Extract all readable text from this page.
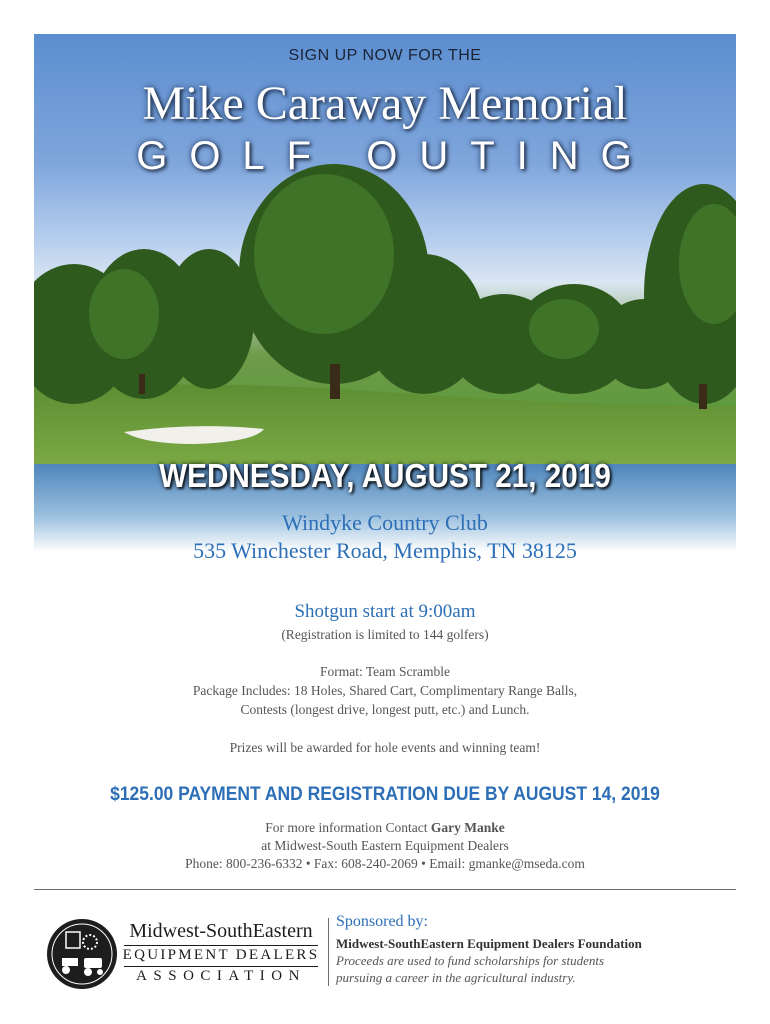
SIGN UP NOW FOR THE
Mike Caraway Memorial
GOLF OUTING
WEDNESDAY, AUGUST 21, 2019
Windyke Country Club
535 Winchester Road, Memphis, TN 38125
Shotgun start at 9:00am
(Registration is limited to 144 golfers)
Format: Team Scramble
Package Includes: 18 Holes, Shared Cart, Complimentary Range Balls,
Contests (longest drive, longest putt, etc.) and Lunch.
Prizes will be awarded for hole events and winning team!
$125.00 PAYMENT AND REGISTRATION DUE BY AUGUST 14, 2019
For more information Contact Gary Manke
at Midwest-South Eastern Equipment Dealers
Phone: 800-236-6332 • Fax: 608-240-2069 • Email: gmanke@mseda.com
Midwest-SouthEastern
EQUIPMENT DEALERS
ASSOCIATION
Sponsored by:
Midwest-SouthEastern Equipment Dealers Foundation
Proceeds are used to fund scholarships for students
pursuing a career in the agricultural industry.
